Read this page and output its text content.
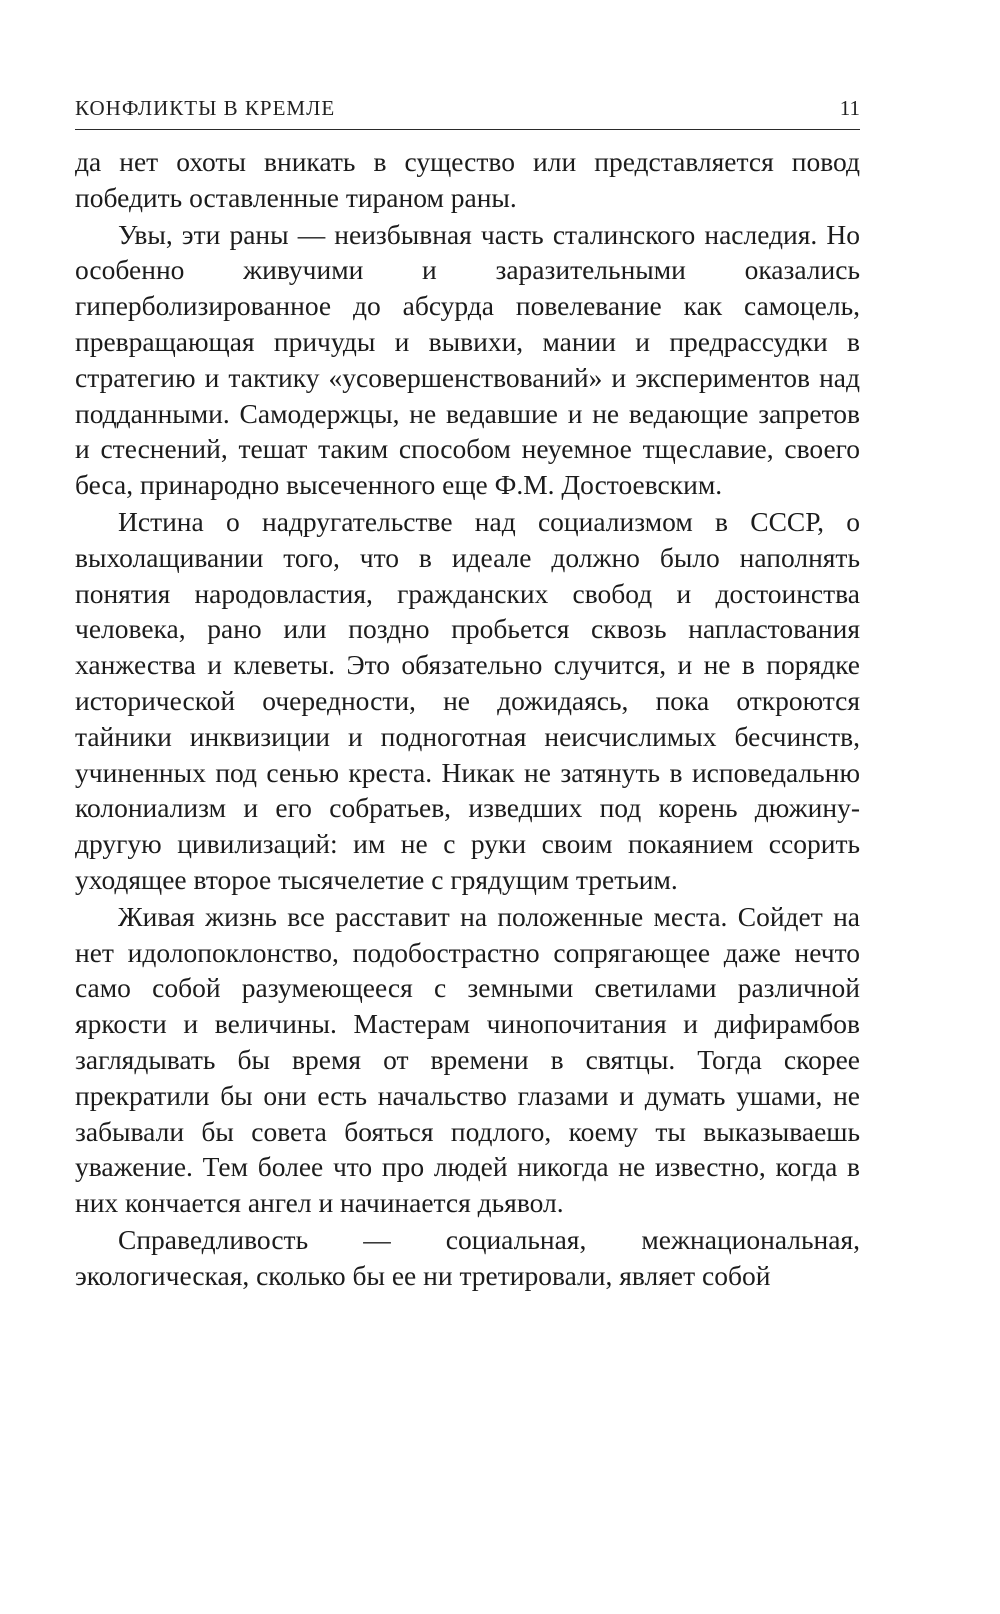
КОНФЛИКТЫ В КРЕМЛЕ	11

да нет охоты вникать в существо или представляется повод победить оставленные тираном раны.

Увы, эти раны — неизбывная часть сталинского наследия. Но особенно живучими и заразительными оказались гиперболизированное до абсурда повелевание как самоцель, превращающая причуды и вывихи, мании и предрассудки в стратегию и тактику «усовершенствований» и экспериментов над подданными. Самодержцы, не ведавшие и не ведающие запретов и стеснений, тешат таким способом неуемное тщеславие, своего беса, принародно высеченного еще Ф.М. Достоевским.

Истина о надругательстве над социализмом в СССР, о выхолащивании того, что в идеале должно было наполнять понятия народовластия, гражданских свобод и достоинства человека, рано или поздно пробьется сквозь напластования ханжества и клеветы. Это обязательно случится, и не в порядке исторической очередности, не дожидаясь, пока откроются тайники инквизиции и подноготная неисчислимых бесчинств, учиненных под сенью креста. Никак не затянуть в исповедальню колониализм и его собратьев, изведших под корень дюжину-другую цивилизаций: им не с руки своим покаянием ссорить уходящее второе тысячелетие с грядущим третьим.

Живая жизнь все расставит на положенные места. Сойдет на нет идолопоклонство, подобострастно сопрягающее даже нечто само собой разумеющееся с земными светилами различной яркости и величины. Мастерам чинопочитания и дифирамбов заглядывать бы время от времени в святцы. Тогда скорее прекратили бы они есть начальство глазами и думать ушами, не забывали бы совета бояться подлого, коему ты выказываешь уважение. Тем более что про людей никогда не известно, когда в них кончается ангел и начинается дьявол.

Справедливость — социальная, межнациональная, экологическая, сколько бы ее ни третировали, являет собой
